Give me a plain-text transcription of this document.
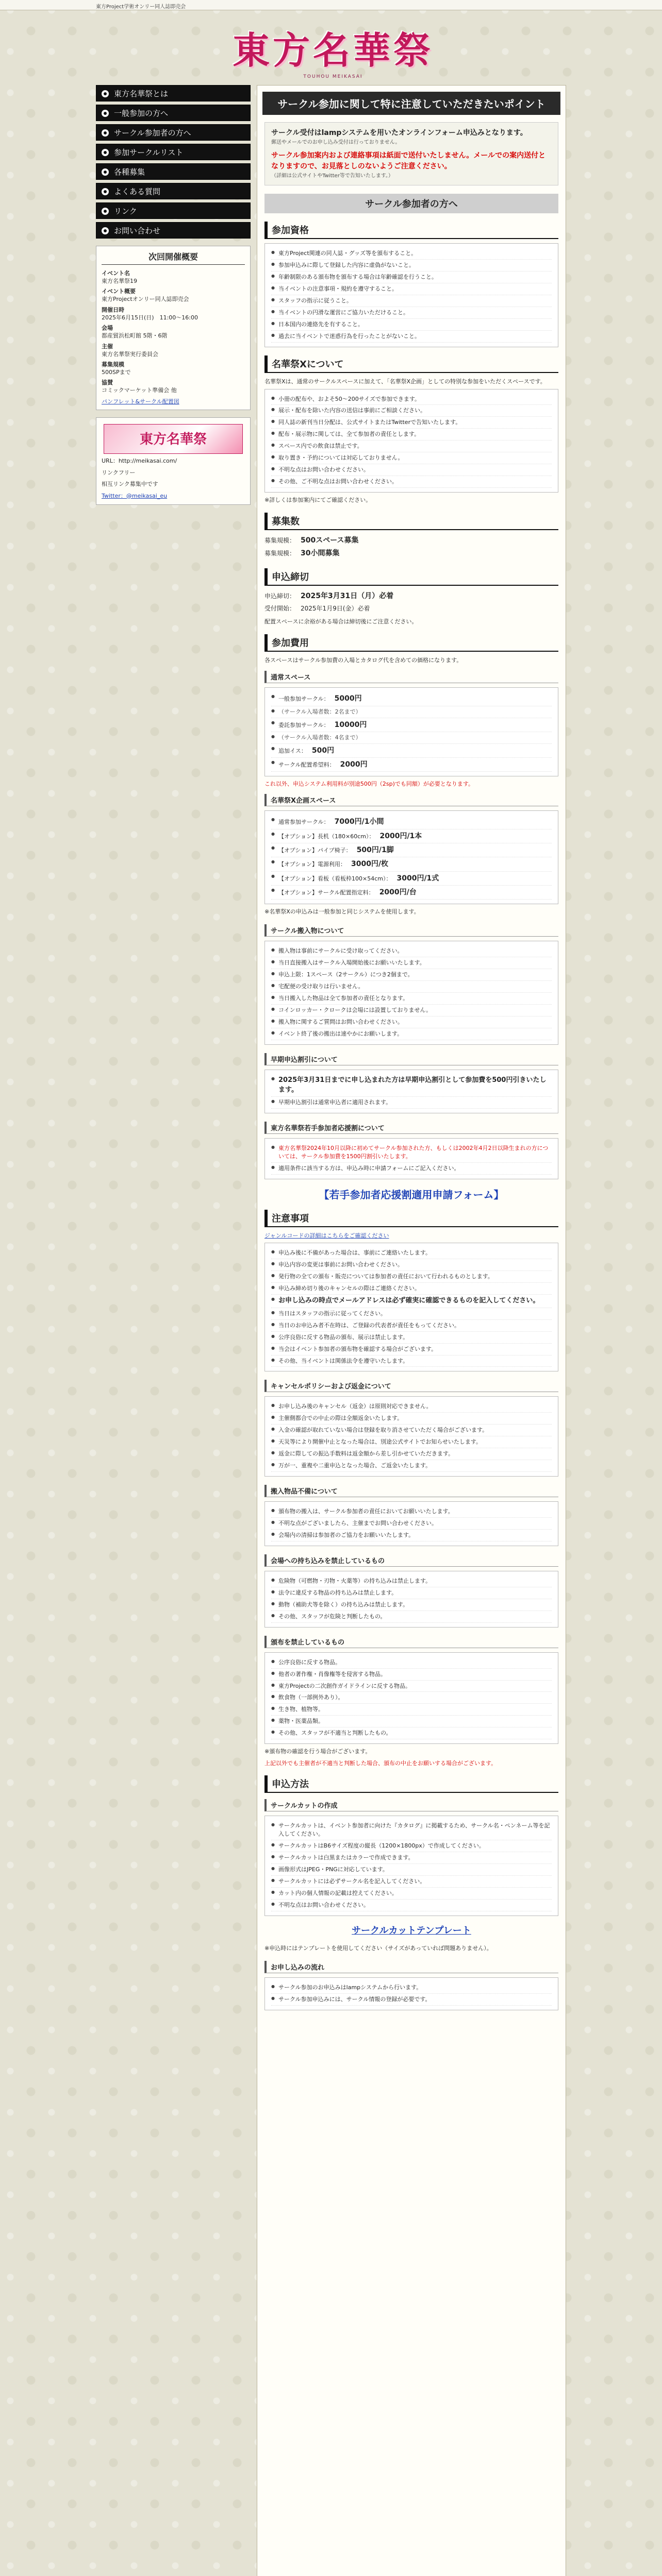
東方Project学術オンリー同人誌即売会
東方名華祭
TOUHOU MEIKASAI
東方名華祭とは
一般参加の方へ
サークル参加者の方へ
参加サークルリスト
各種募集
よくある質問
リンク
お問い合わせ
次回開催概要
イベント名
東方名華祭19
イベント概要
東方Projectオンリー同人誌即売会
開催日時
2025年6月15日(日)　11:00～16:00
会場
都産貿浜松町館 5階・6階
主催
東方名華祭実行委員会
募集規模
500SPまで
協賛
コミックマーケット準備会 他
パンフレット&サークル配置図
東方名華祭
URL：http://meikasai.com/
リンクフリー
相互リンク募集中です
Twitter：@meikasai_eu
サークル参加に関して特に注意していただきたいポイント
サークル受付はlampシステムを用いたオンラインフォーム申込みとなります。
郵送やメールでのお申し込み受付は行っておりません。
サークル参加案内および連絡事項は紙面で送付いたしません。メールでの案内送付となりますので、お見落としのないようご注意ください。
（詳細は公式サイトやTwitter等で告知いたします。）
サークル参加者の方へ
参加資格
● 東方Project関連の同人誌・グッズ等を頒布すること。
● 参加申込みに際して登録した内容に虚偽がないこと。
● 年齢制限のある頒布物を頒布する場合は年齢確認を行うこと。
● 当イベントの注意事項・規約を遵守すること。
● スタッフの指示に従うこと。
● 当イベントの円滑な運営にご協力いただけること。
● 日本国内の連絡先を有すること。
● 過去に当イベントで迷惑行為を行ったことがないこと。
名華祭Xについて
名華祭Xは、通常のサークルスペースに加えて、「名華祭X企画」としての特別な参加をいただくスペースです。
● 小冊の配布や、およそ50～200サイズで参加できます。
● 展示・配布を除いた内容の送信は事前にご相談ください。
● 同人誌の新刊当日分配は、公式サイトまたはTwitterで告知いたします。
● 配布・展示物に関しては、全て参加者の責任とします。
● スペース内での飲食は禁止です。
● 取り置き・予約については対応しておりません。
● 不明な点はお問い合わせください。
● その他、ご不明な点はお問い合わせください。
※詳しくは参加案内にてご確認ください。
募集数
募集規模： 500スペース募集
募集規模： 30小間募集
申込締切
申込締切： 2025年3月31日（月）必着
受付開始： 2025年1月9日(金）必着
配置スペースに余裕がある場合は締切後にご注意ください。
参加費用
各スペースはサークル参加費の入場とカタログ代を含めての価格になります。
通常スペース
● 一般参加サークル： 5000円
● （サークル入場者数：2名まで）
● 委託参加サークル： 10000円
● （サークル入場者数：4名まで）
● 追加イス： 500円
● サークル配置希望料： 2000円
これ以外、申込システム利用料が別途500円（2sp)でも同額）が必要となります。
名華祭X企画スペース
● 通常参加サークル： 7000円/1小間
● 【オプション】長机（180×60cm）： 2000円/1本
● 【オプション】パイプ椅子： 500円/1脚
● 【オプション】電源利用： 3000円/枚
● 【オプション】看板（看板枠100×54cm）： 3000円/1式
● 【オプション】サークル配置指定料： 2000円/台
※名華祭Xの申込みは一般参加と同じシステムを使用します。
サークル搬入物について
● 搬入物は事前にサークルに受け取ってください。
● 当日直接搬入はサークル入場開始後にお願いいたします。
● 申込上限：1スペース（2サークル）につき2個まで。
● 宅配便の受け取りは行いません。
● 当日搬入した物品は全て参加者の責任となります。
● コインロッカー・クロークは会場には設置しておりません。
● 搬入物に関するご質問はお問い合わせください。
● イベント終了後の搬出は速やかにお願いします。
早期申込割引について
● 2025年3月31日までに申し込まれた方は早期申込割引として参加費を500円引きいたします。
● 早期申込割引は通常申込者に適用されます。
東方名華祭若手参加者応援割について
● 東方名華祭2024年10月以降に初めてサークル参加された方、もしくは2002年4月2日以降生まれの方については、サークル参加費を1500円割引いたします。
● 適用条件に該当する方は、申込み時に申請フォームにご記入ください。
【若手参加者応援割適用申請フォーム】
注意事項
ジャンルコードの詳細はこちらをご確認ください
● 申込み後に不備があった場合は、事前にご連絡いたします。
● 申込内容の変更は事前にお問い合わせください。
● 発行物の全ての頒布・販売については参加者の責任において行われるものとします。
● 申込み締め切り後のキャンセルの際はご連絡ください。
● お申し込みの時点でメールアドレスは必ず確実に確認できるものを記入してください。
● 当日はスタッフの指示に従ってください。
● 当日のお申込み者不在時は、ご登録の代表者が責任をもってください。
● 公序良俗に反する物品の頒布、展示は禁止します。
● 当会はイベント参加者の頒布物を確認する場合がございます。
● その他、当イベントは関係法令を遵守いたします。
キャンセルポリシーおよび返金について
● お申し込み後のキャンセル（返金）は原則対応できません。
● 主催側都合での中止の際は全額返金いたします。
● 入金の確認が取れていない場合は登録を取り消させていただく場合がございます。
● 天災等により開催中止となった場合は、別途公式サイトでお知らせいたします。
● 返金に際しての振込手数料は返金額から差し引かせていただきます。
● 万が一、重複や二重申込となった場合、ご返金いたします。
搬入物品不備について
● 頒布物の搬入は、サークル参加者の責任においてお願いいたします。
● 不明な点がございましたら、主催までお問い合わせください。
● 会場内の清掃は参加者のご協力をお願いいたします。
会場への持ち込みを禁止しているもの
● 危険物（可燃物・刃物・火薬等）の持ち込みは禁止します。
● 法令に違反する物品の持ち込みは禁止します。
● 動物（補助犬等を除く）の持ち込みは禁止します。
● その他、スタッフが危険と判断したもの。
頒布を禁止しているもの
● 公序良俗に反する物品。
● 他者の著作権・肖像権等を侵害する物品。
● 東方Projectの二次創作ガイドラインに反する物品。
● 飲食物（一部例外あり）。
● 生き物、植物等。
● 薬物・医薬品類。
● その他、スタッフが不適当と判断したもの。
※頒布物の確認を行う場合がございます。
上記以外でも主催者が不適当と判断した場合、頒布の中止をお願いする場合がございます。
申込方法
サークルカットの作成
● サークルカットは、イベント参加者に向けた『カタログ』に掲載するため、サークル名・ペンネーム等を記入してください。
● サークルカットはB6サイズ程度の縦長（1200×1800px）で作成してください。
● サークルカットは白黒またはカラーで作成できます。
● 画像形式はJPEG・PNGに対応しています。
● サークルカットには必ずサークル名を記入してください。
● カット内の個人情報の記載は控えてください。
● 不明な点はお問い合わせください。
サークルカットテンプレート
※申込時にはテンプレートを使用してください（サイズがあっていれば問題ありません）。
お申し込みの流れ
● サークル参加のお申込みはlampシステムから行います。
● サークル参加申込みには、サークル情報の登録が必要です。
